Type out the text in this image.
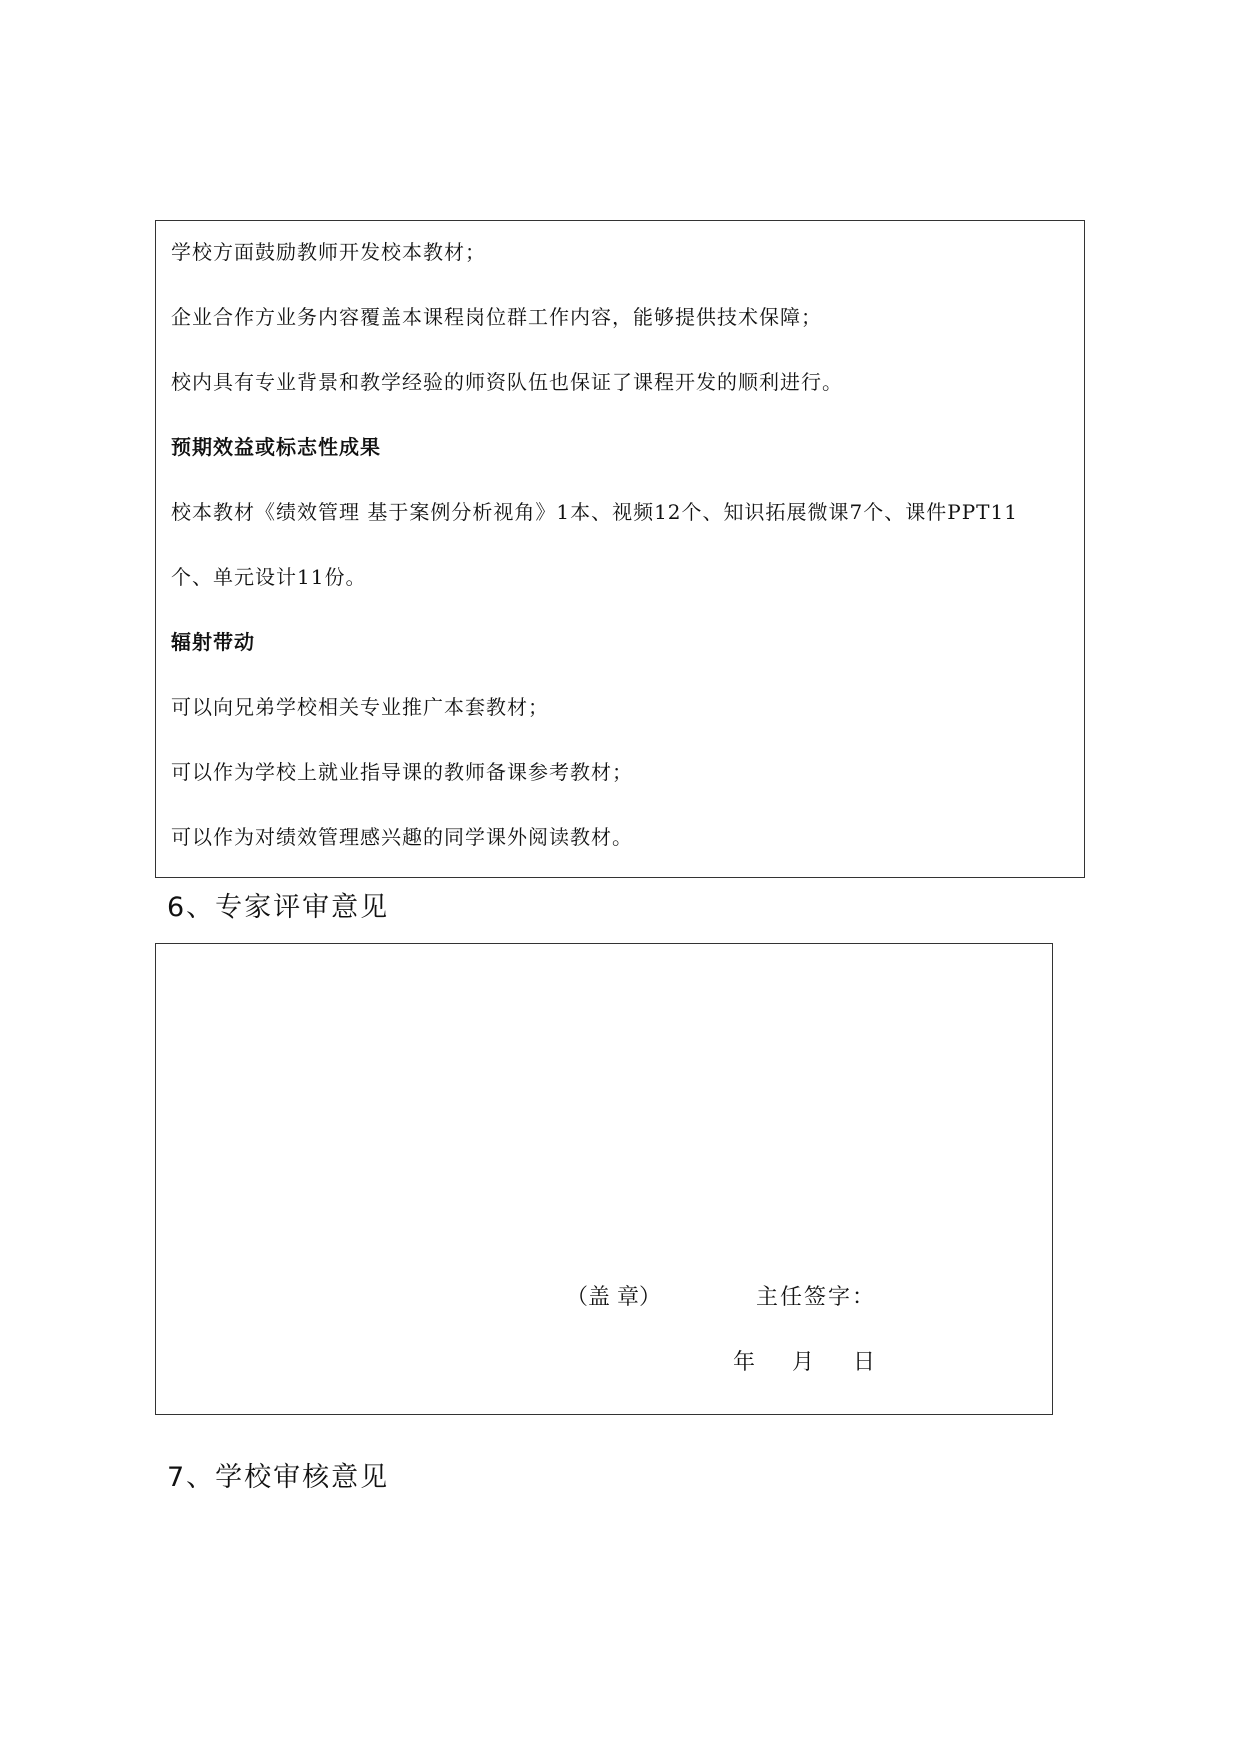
学校方面鼓励教师开发校本教材；
企业合作方业务内容覆盖本课程岗位群工作内容，能够提供技术保障；
校内具有专业背景和教学经验的师资队伍也保证了课程开发的顺利进行。
预期效益或标志性成果
校本教材《绩效管理 基于案例分析视角》1本、视频12个、知识拓展微课7个、课件PPT11
个、单元设计11份。
辐射带动
可以向兄弟学校相关专业推广本套教材；
可以作为学校上就业指导课的教师备课参考教材；
可以作为对绩效管理感兴趣的同学课外阅读教材。
6、专家评审意见
（盖 章）	主任签字：
年 月 日
7、学校审核意见
